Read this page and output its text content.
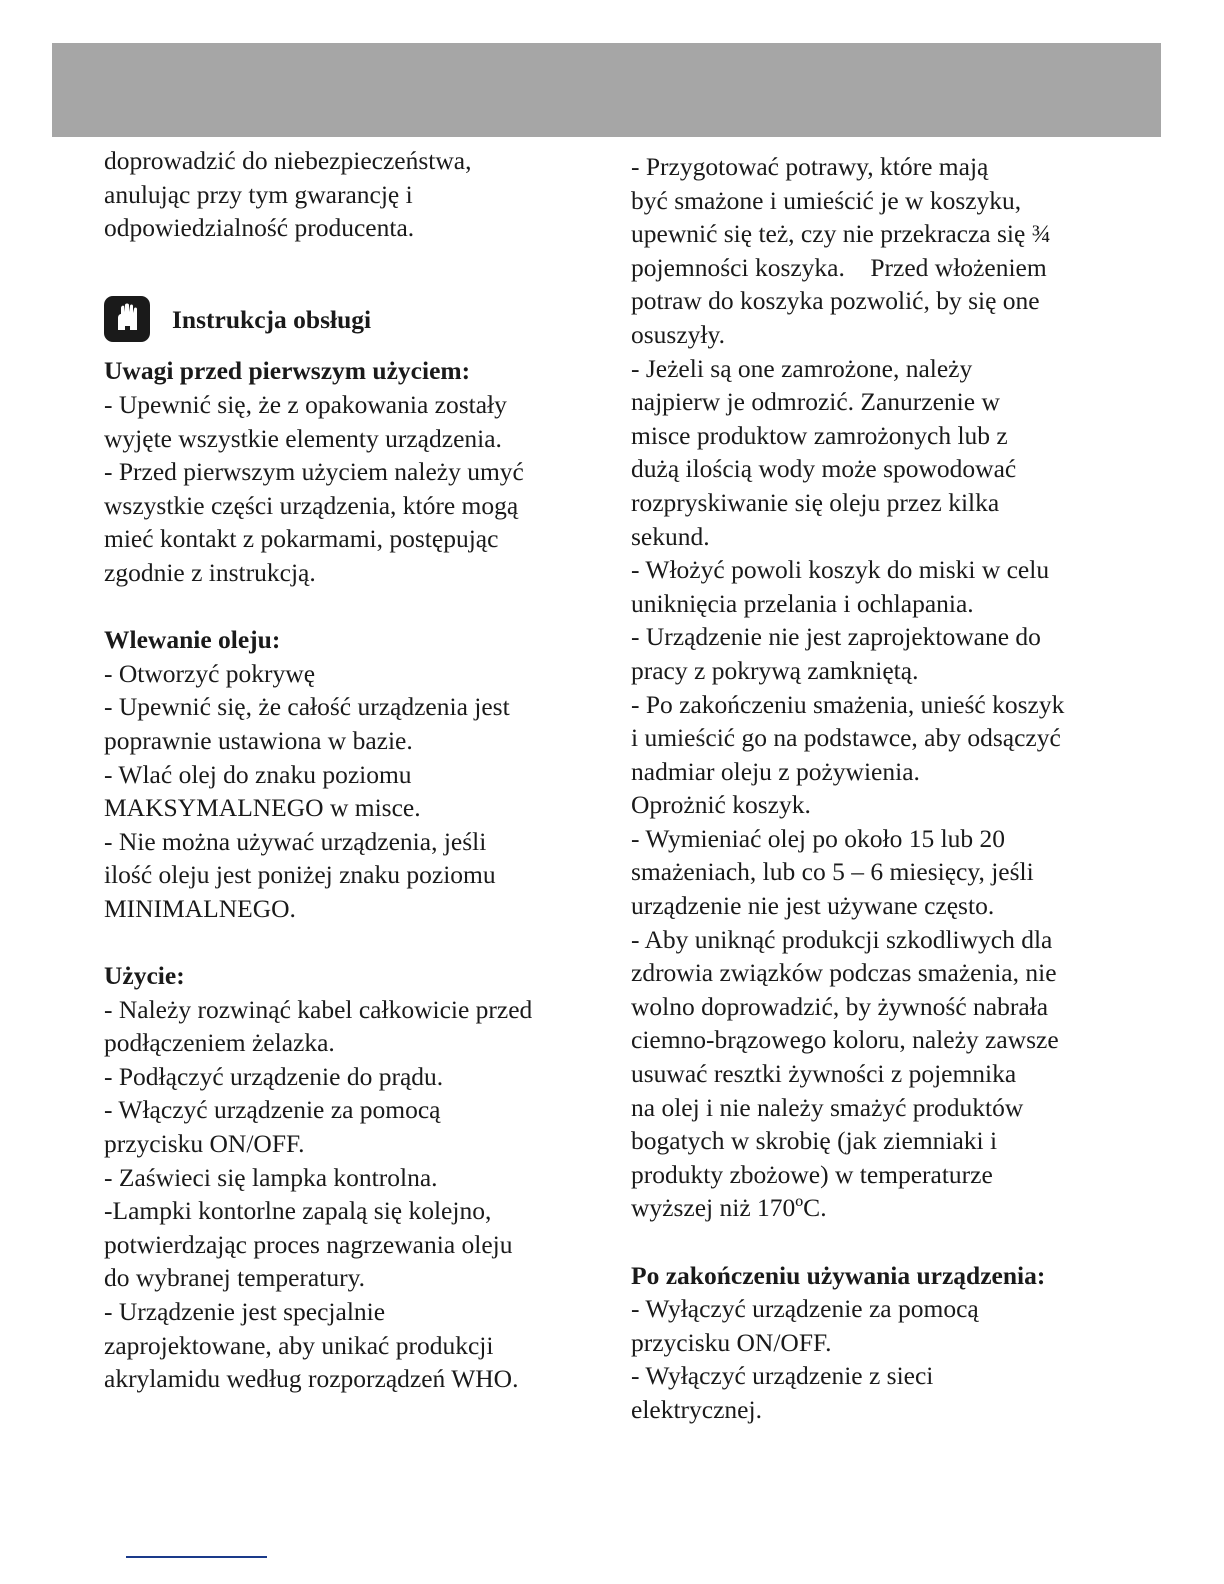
doprowadzić do niebezpieczeństwa,

anulując przy tym gwarancję i

odpowiedzialność producenta.

Instrukcja obsługi

Uwagi przed pierwszym użyciem:

- Upewnić się, że z opakowania zostały

wyjęte wszystkie elementy urządzenia.

- Przed pierwszym użyciem należy umyć

wszystkie części urządzenia, które mogą

mieć kontakt z pokarmami, postępując

zgodnie z instrukcją.

Wlewanie oleju:

- Otworzyć pokrywę

- Upewnić się, że całość urządzenia jest

poprawnie ustawiona w bazie.

- Wlać olej do znaku poziomu

MAKSYMALNEGO w misce.

- Nie można używać urządzenia, jeśli

ilość oleju jest poniżej znaku poziomu

MINIMALNEGO.

Użycie:

- Należy rozwinąć kabel całkowicie przed

podłączeniem żelazka.

- Podłączyć urządzenie do prądu.

- Włączyć urządzenie za pomocą

przycisku ON/OFF.

- Zaświeci się lampka kontrolna.

-Lampki kontorlne zapalą się kolejno,

potwierdzając proces nagrzewania oleju

do wybranej temperatury.

- Urządzenie jest specjalnie

zaprojektowane, aby unikać produkcji

akrylamidu według rozporządzeń WHO.

- Przygotować potrawy, które mają

być smażone i umieścić je w koszyku,

upewnić się też, czy nie przekracza się ¾

pojemności koszyka.    Przed włożeniem

potraw do koszyka pozwolić, by się one

osuszyły.

- Jeżeli są one zamrożone, należy

najpierw je odmrozić. Zanurzenie w

misce produktow zamrożonych lub z

dużą ilością wody może spowodować

rozpryskiwanie się oleju przez kilka

sekund.

- Włożyć powoli koszyk do miski w celu

uniknięcia przelania i ochlapania.

- Urządzenie nie jest zaprojektowane do

pracy z pokrywą zamkniętą.

- Po zakończeniu smażenia, unieść koszyk

i umieścić go na podstawce, aby odsączyć

nadmiar oleju z pożywienia.

Oprożnić koszyk.

- Wymieniać olej po około 15 lub 20

smażeniach, lub co 5 – 6 miesięcy, jeśli

urządzenie nie jest używane często.

- Aby uniknąć produkcji szkodliwych dla

zdrowia związków podczas smażenia, nie

wolno doprowadzić, by żywność nabrała

ciemno-brązowego koloru, należy zawsze

usuwać resztki żywności z pojemnika

na olej i nie należy smażyć produktów

bogatych w skrobię (jak ziemniaki i

produkty zbożowe) w temperaturze

wyższej niż 170ºC.

Po zakończeniu używania urządzenia:

- Wyłączyć urządzenie za pomocą

przycisku ON/OFF.

- Wyłączyć urządzenie z sieci

elektrycznej.
